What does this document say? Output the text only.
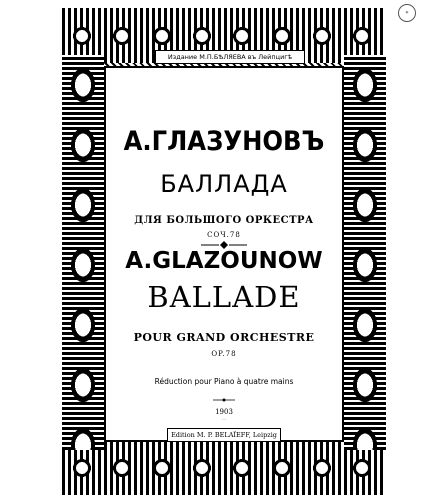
Издание М.П.БѢЛЯЕВА въ Лейпцигѣ
✶
А.ГЛАЗУНОВЪ
БАЛЛАДА
ДЛЯ БОЛЬШОГО ОРКЕСТРА
СОЧ.78
A.GLAZOUNOW
BALLADE
POUR GRAND ORCHESTRE
OP.78
Réduction pour Piano à quatre mains
1903
...
Edition M. P. BELAÏEFF, Leipzig
